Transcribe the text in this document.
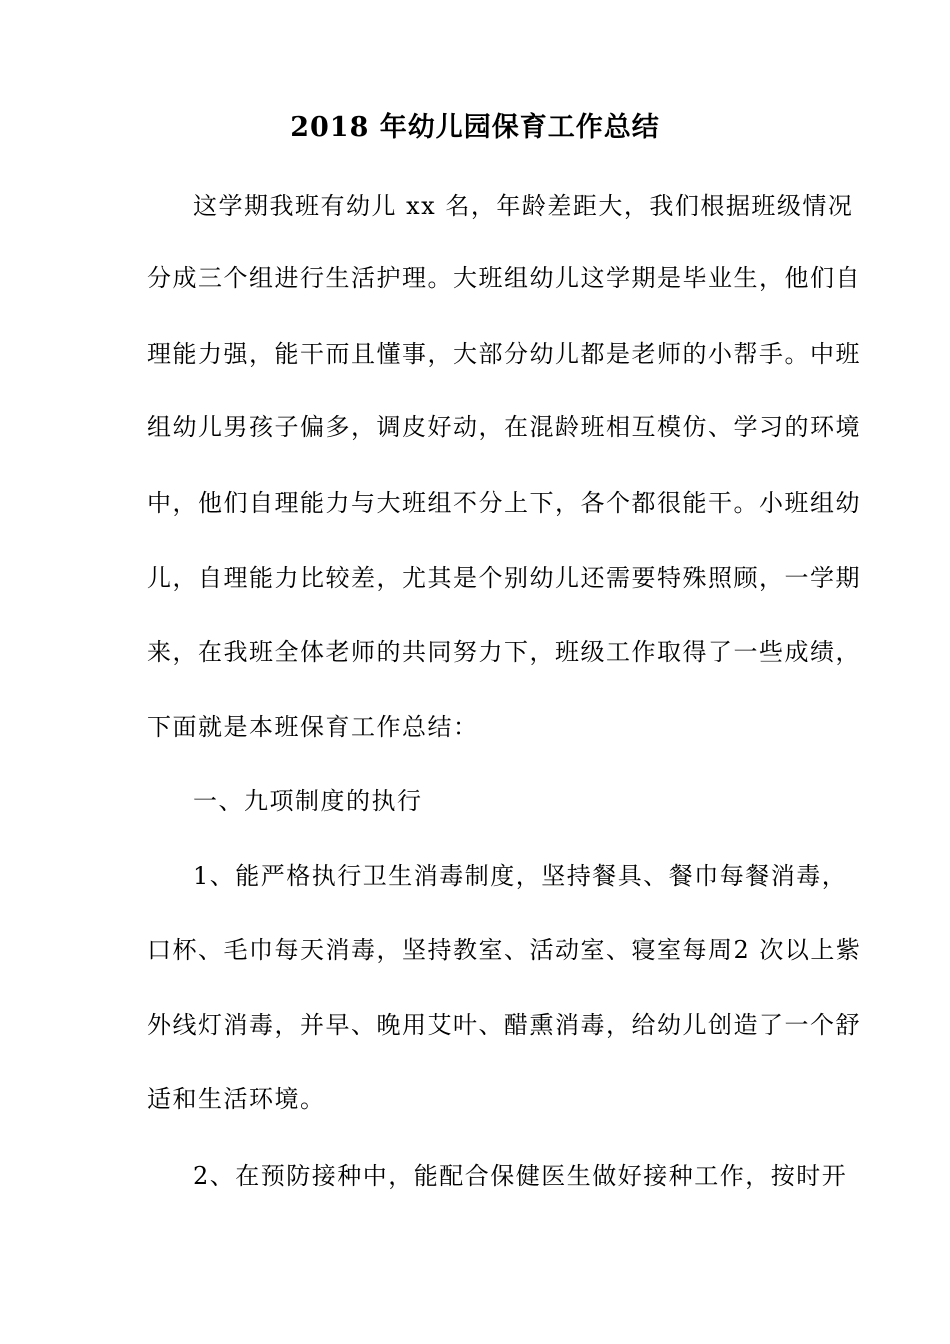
2018 年幼儿园保育工作总结
这学期我班有幼儿 xx 名，年龄差距大，我们根据班级情况
分成三个组进行生活护理。大班组幼儿这学期是毕业生，他们自
理能力强，能干而且懂事，大部分幼儿都是老师的小帮手。中班
组幼儿男孩子偏多，调皮好动，在混龄班相互模仿、学习的环境
中，他们自理能力与大班组不分上下，各个都很能干。小班组幼
儿，自理能力比较差，尤其是个别幼儿还需要特殊照顾，一学期
来，在我班全体老师的共同努力下，班级工作取得了一些成绩，
下面就是本班保育工作总结：
一、九项制度的执行
1、能严格执行卫生消毒制度，坚持餐具、餐巾每餐消毒，
口杯、毛巾每天消毒，坚持教室、活动室、寝室每周2 次以上紫
外线灯消毒，并早、晚用艾叶、醋熏消毒，给幼儿创造了一个舒
适和生活环境。
2、在预防接种中，能配合保健医生做好接种工作，按时开
